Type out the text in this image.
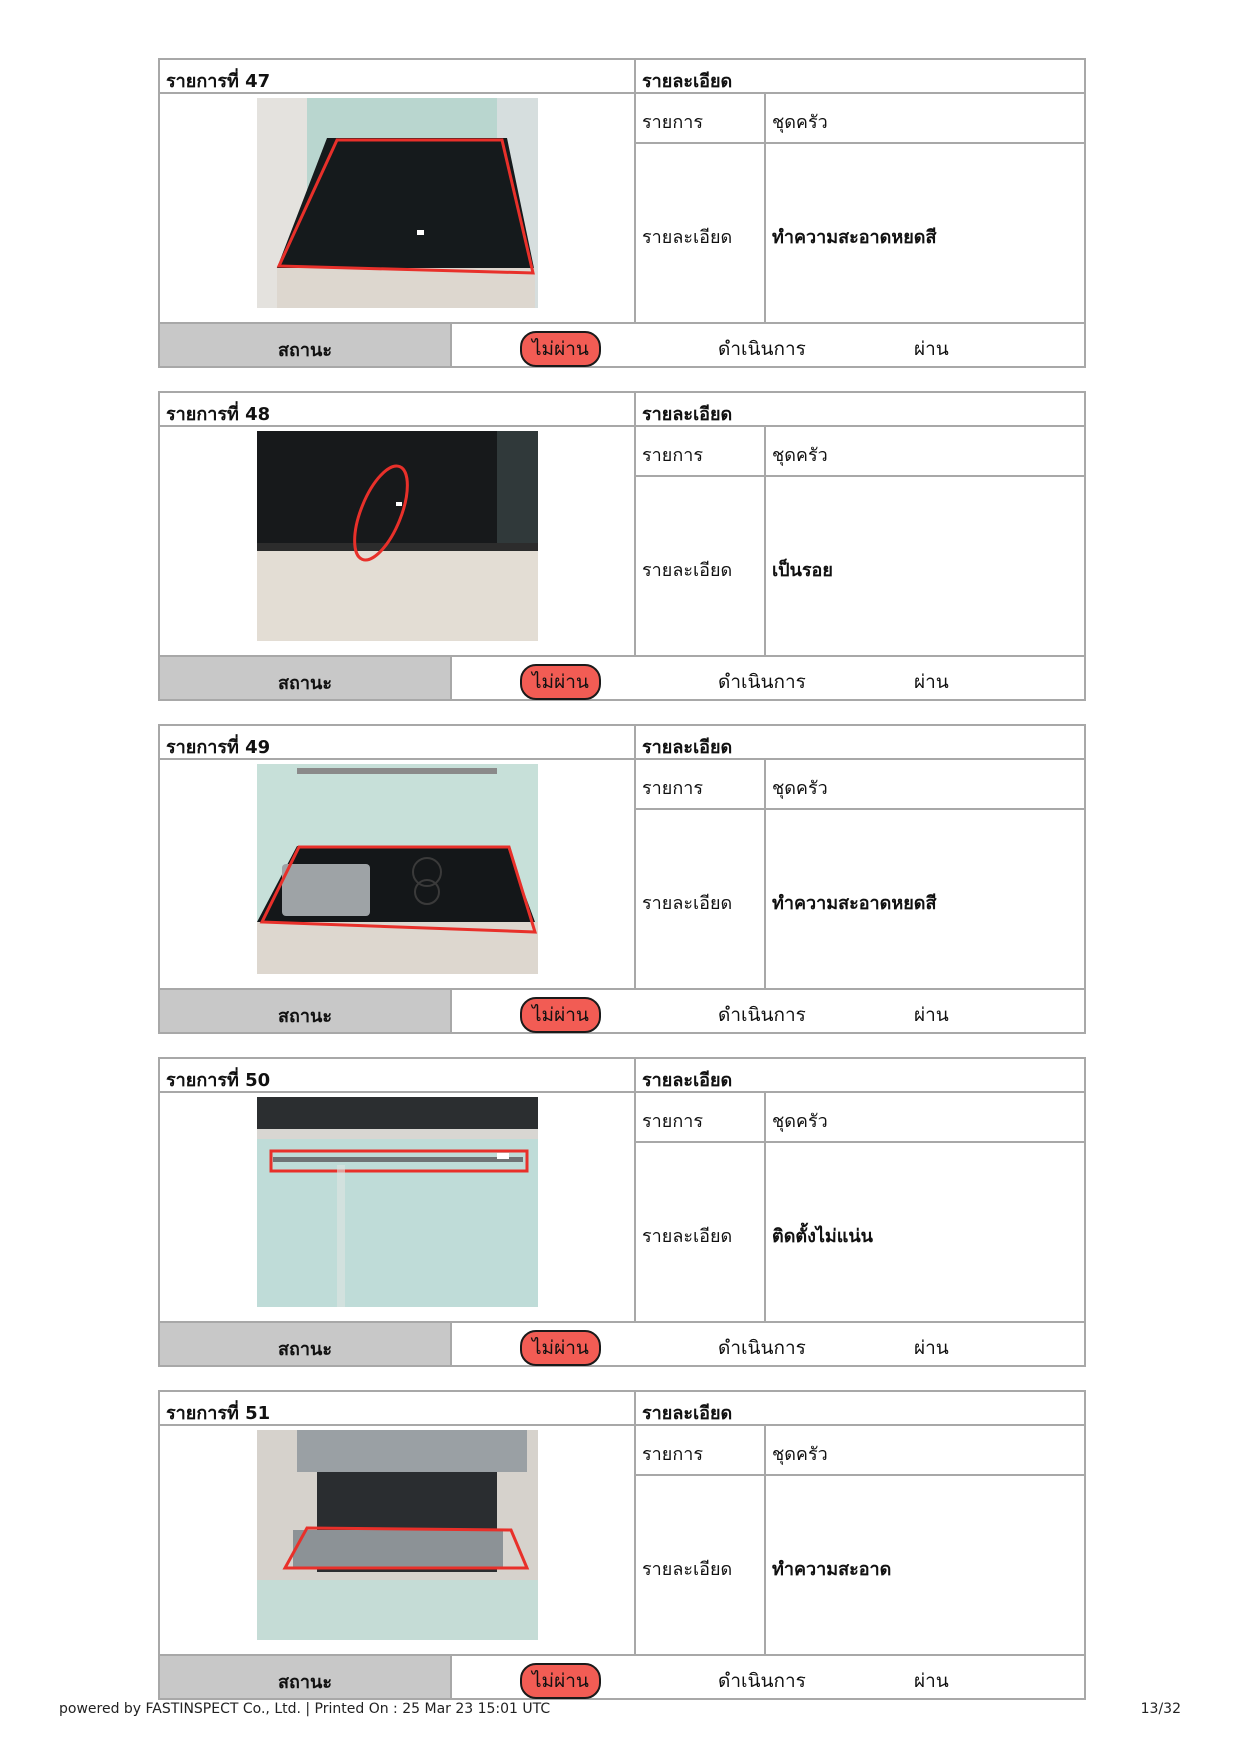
รายการที่ 47	รายละเอียด
รายการ	ชุดครัว
รายละเอียด	ทำความสะอาดหยดสี
สถานะ	ไม่ผ่าน	ดำเนินการ	ผ่าน
รายการที่ 48	รายละเอียด
รายการ	ชุดครัว
รายละเอียด	เป็นรอย
สถานะ	ไม่ผ่าน	ดำเนินการ	ผ่าน
รายการที่ 49	รายละเอียด
รายการ	ชุดครัว
รายละเอียด	ทำความสะอาดหยดสี
สถานะ	ไม่ผ่าน	ดำเนินการ	ผ่าน
รายการที่ 50	รายละเอียด
รายการ	ชุดครัว
รายละเอียด	ติดตั้งไม่แน่น
สถานะ	ไม่ผ่าน	ดำเนินการ	ผ่าน
รายการที่ 51	รายละเอียด
รายการ	ชุดครัว
รายละเอียด	ทำความสะอาด
สถานะ	ไม่ผ่าน	ดำเนินการ	ผ่าน
powered by FASTINSPECT Co., Ltd. | Printed On : 25 Mar 23 15:01 UTC	13/32
